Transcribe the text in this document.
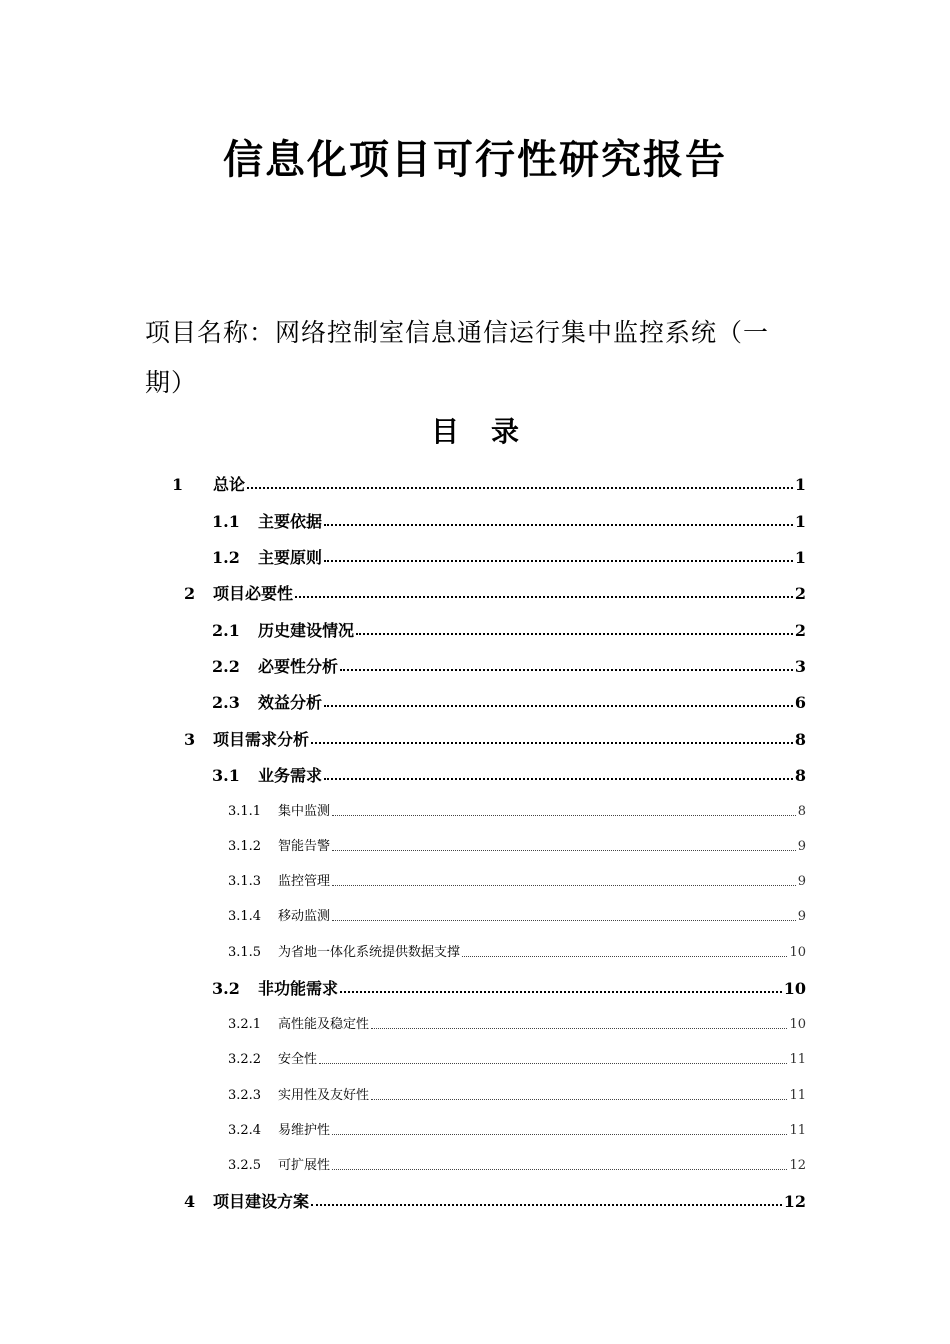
信息化项目可行性研究报告
项目名称：网络控制室信息通信运行集中监控系统（一期）
目 录
1	总论	1
1.1	主要依据	1
1.2	主要原则	1
2	项目必要性	2
2.1	历史建设情况	2
2.2	必要性分析	3
2.3	效益分析	6
3	项目需求分析	8
3.1	业务需求	8
3.1.1	集中监测	8
3.1.2	智能告警	9
3.1.3	监控管理	9
3.1.4	移动监测	9
3.1.5	为省地一体化系统提供数据支撑	10
3.2	非功能需求	10
3.2.1	高性能及稳定性	10
3.2.2	安全性	11
3.2.3	实用性及友好性	11
3.2.4	易维护性	11
3.2.5	可扩展性	12
4	项目建设方案	12
